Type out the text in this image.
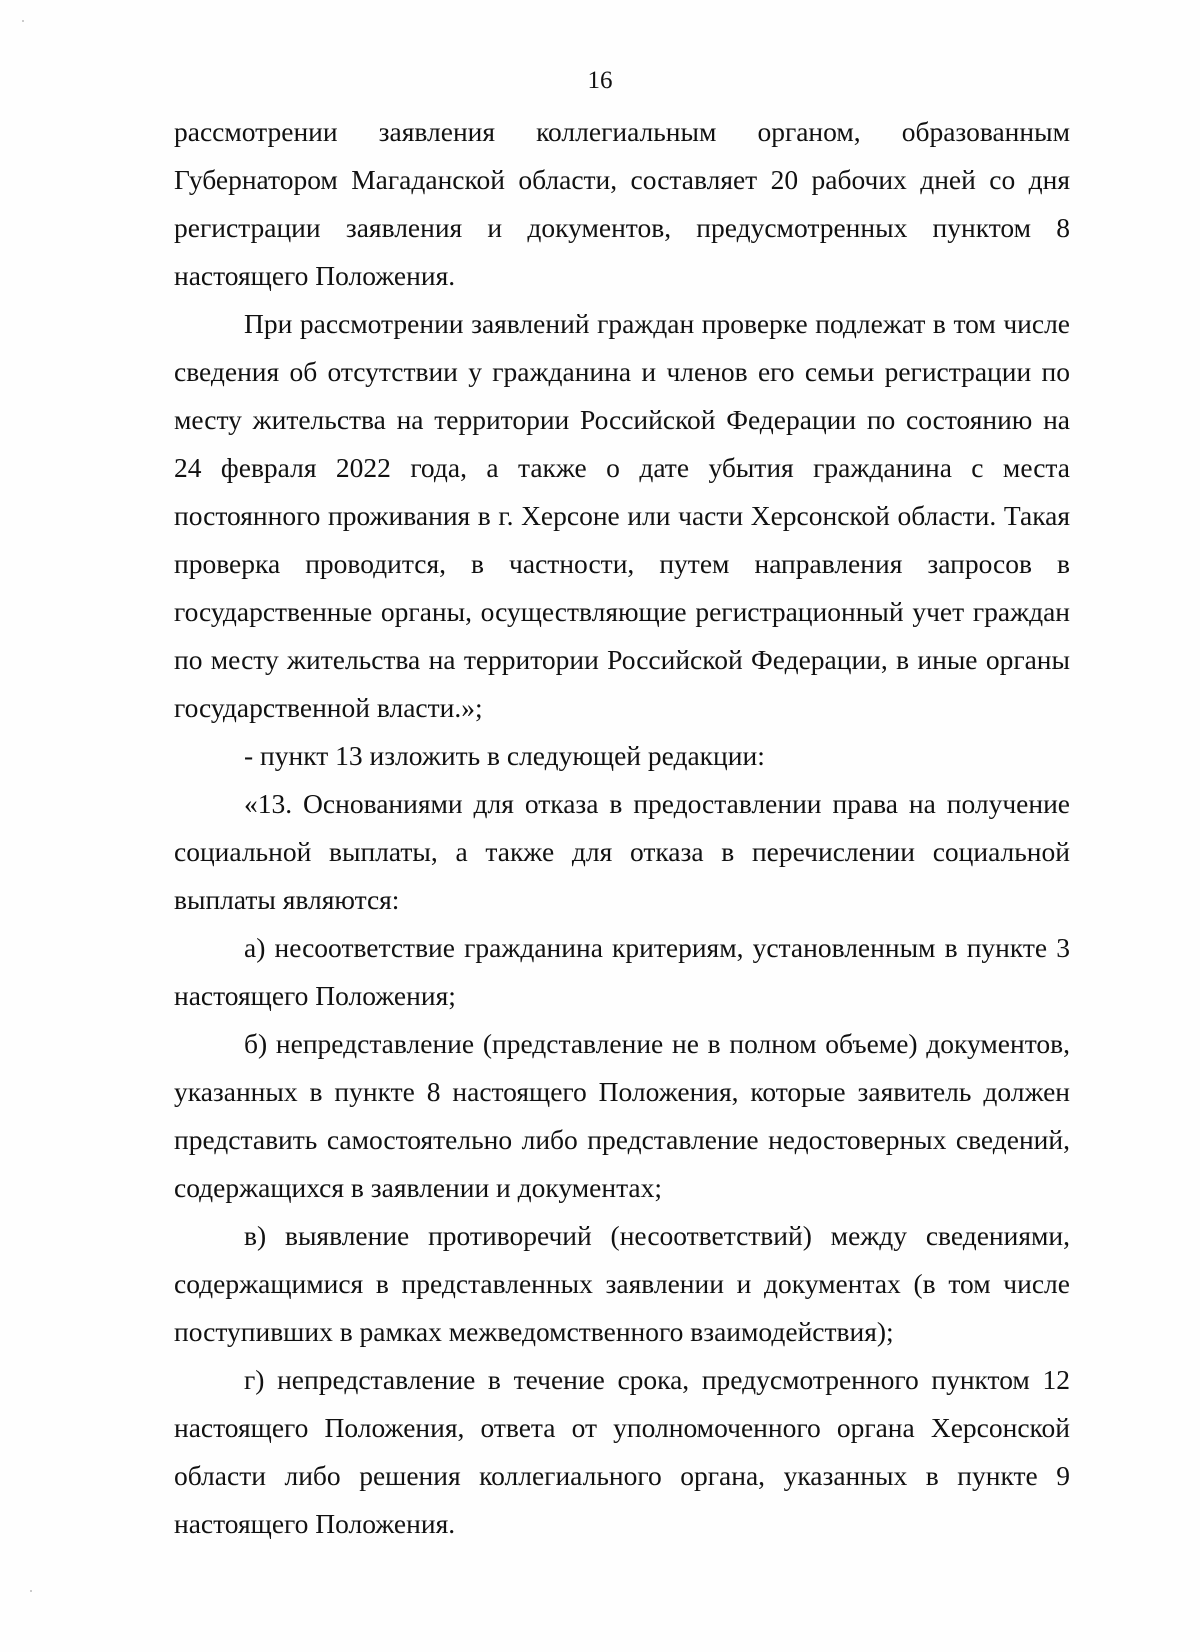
16

рассмотрении заявления коллегиальным органом, образованным Губернатором Магаданской области, составляет 20 рабочих дней со дня регистрации заявления и документов, предусмотренных пунктом 8 настоящего Положения.

При рассмотрении заявлений граждан проверке подлежат в том числе сведения об отсутствии у гражданина и членов его семьи регистрации по месту жительства на территории Российской Федерации по состоянию на 24 февраля 2022 года, а также о дате убытия гражданина с места постоянного проживания в г. Херсоне или части Херсонской области. Такая проверка проводится, в частности, путем направления запросов в государственные органы, осуществляющие регистрационный учет граждан по месту жительства на территории Российской Федерации, в иные органы государственной власти.»;

- пункт 13 изложить в следующей редакции:

«13. Основаниями для отказа в предоставлении права на получение социальной выплаты, а также для отказа в перечислении социальной выплаты являются:

а) несоответствие гражданина критериям, установленным в пункте 3 настоящего Положения;

б) непредставление (представление не в полном объеме) документов, указанных в пункте 8 настоящего Положения, которые заявитель должен представить самостоятельно либо представление недостоверных сведений, содержащихся в заявлении и документах;

в) выявление противоречий (несоответствий) между сведениями, содержащимися в представленных заявлении и документах (в том числе поступивших в рамках межведомственного взаимодействия);

г) непредставление в течение срока, предусмотренного пунктом 12 настоящего Положения, ответа от уполномоченного органа Херсонской области либо решения коллегиального органа, указанных в пункте 9 настоящего Положения.
